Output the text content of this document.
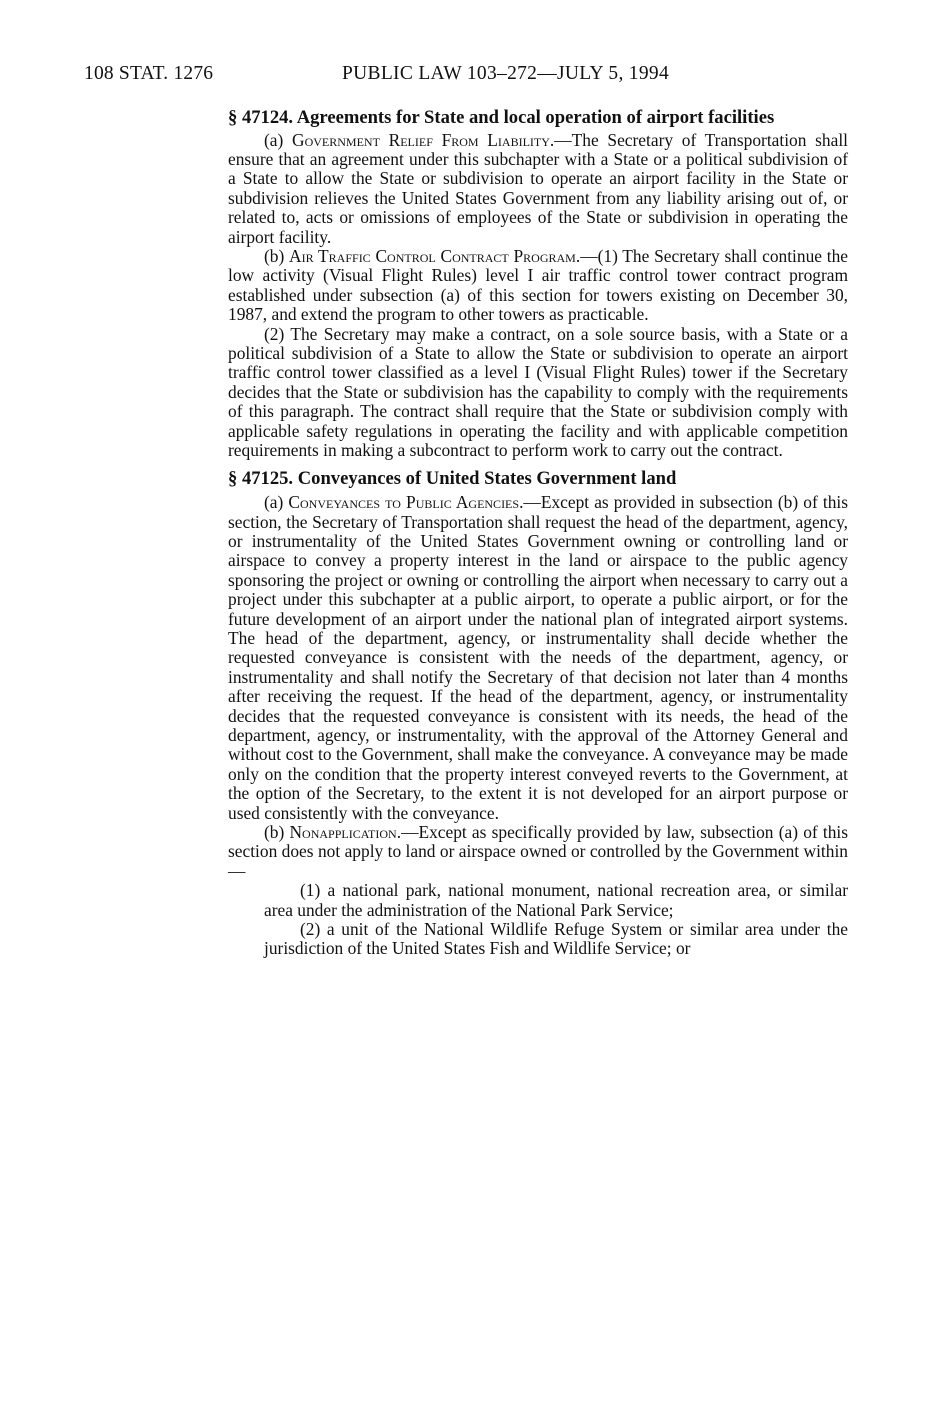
108 STAT. 1276	PUBLIC LAW 103–272—JULY 5, 1994
§ 47124. Agreements for State and local operation of airport facilities

(a) Government Relief From Liability.—The Secretary of Transportation shall ensure that an agreement under this subchapter with a State or a political subdivision of a State to allow the State or subdivision to operate an airport facility in the State or subdivision relieves the United States Government from any liability arising out of, or related to, acts or omissions of employees of the State or subdivision in operating the airport facility.

(b) Air Traffic Control Contract Program.—(1) The Secretary shall continue the low activity (Visual Flight Rules) level I air traffic control tower contract program established under subsection (a) of this section for towers existing on December 30, 1987, and extend the program to other towers as practicable.

(2) The Secretary may make a contract, on a sole source basis, with a State or a political subdivision of a State to allow the State or subdivision to operate an airport traffic control tower classified as a level I (Visual Flight Rules) tower if the Secretary decides that the State or subdivision has the capability to comply with the requirements of this paragraph. The contract shall require that the State or subdivision comply with applicable safety regulations in operating the facility and with applicable competition requirements in making a subcontract to perform work to carry out the contract.

§ 47125. Conveyances of United States Government land

(a) Conveyances to Public Agencies.—Except as provided in subsection (b) of this section, the Secretary of Transportation shall request the head of the department, agency, or instrumentality of the United States Government owning or controlling land or airspace to convey a property interest in the land or airspace to the public agency sponsoring the project or owning or controlling the airport when necessary to carry out a project under this subchapter at a public airport, to operate a public airport, or for the future development of an airport under the national plan of integrated airport systems. The head of the department, agency, or instrumentality shall decide whether the requested conveyance is consistent with the needs of the department, agency, or instrumentality and shall notify the Secretary of that decision not later than 4 months after receiving the request. If the head of the department, agency, or instrumentality decides that the requested conveyance is consistent with its needs, the head of the department, agency, or instrumentality, with the approval of the Attorney General and without cost to the Government, shall make the conveyance. A conveyance may be made only on the condition that the property interest conveyed reverts to the Government, at the option of the Secretary, to the extent it is not developed for an airport purpose or used consistently with the conveyance.

(b) Nonapplication.—Except as specifically provided by law, subsection (a) of this section does not apply to land or airspace owned or controlled by the Government within—

(1) a national park, national monument, national recreation area, or similar area under the administration of the National Park Service;

(2) a unit of the National Wildlife Refuge System or similar area under the jurisdiction of the United States Fish and Wildlife Service; or
